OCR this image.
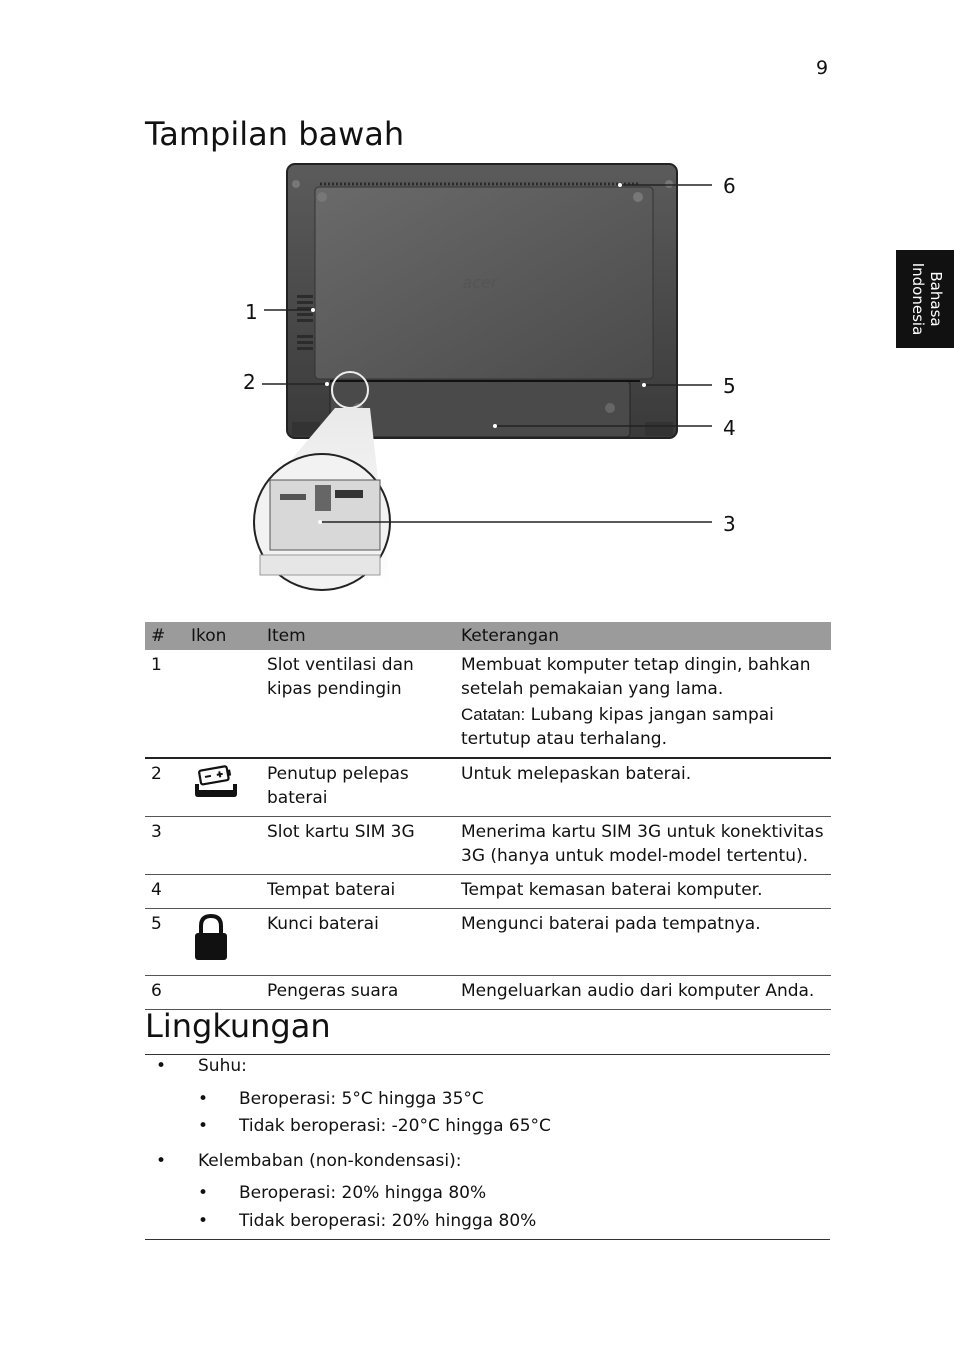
9
Bahasa
Indonesia
Tampilan bawah
acer
6
1
2	5
4
3
#	Ikon	Item	Keterangan
1		Slot ventilasi dan kipas pendingin	Membuat komputer tetap dingin, bahkan setelah pemakaian yang lama.
Catatan: Lubang kipas jangan sampai tertutup atau terhalang.

2		Penutup pelepas baterai	Untuk melepaskan baterai.
3		Slot kartu SIM 3G	Menerima kartu SIM 3G untuk konektivitas 3G (hanya untuk model-model tertentu).
4		Tempat baterai	Tempat kemasan baterai komputer.
5		Kunci baterai	Mengunci baterai pada tempatnya.
6		Pengeras suara	Mengeluarkan audio dari komputer Anda.
Lingkungan
• Suhu:
• Beroperasi: 5°C hingga 35°C
• Tidak beroperasi: -20°C hingga 65°C
• Kelembaban (non-kondensasi):
• Beroperasi: 20% hingga 80%
• Tidak beroperasi: 20% hingga 80%
